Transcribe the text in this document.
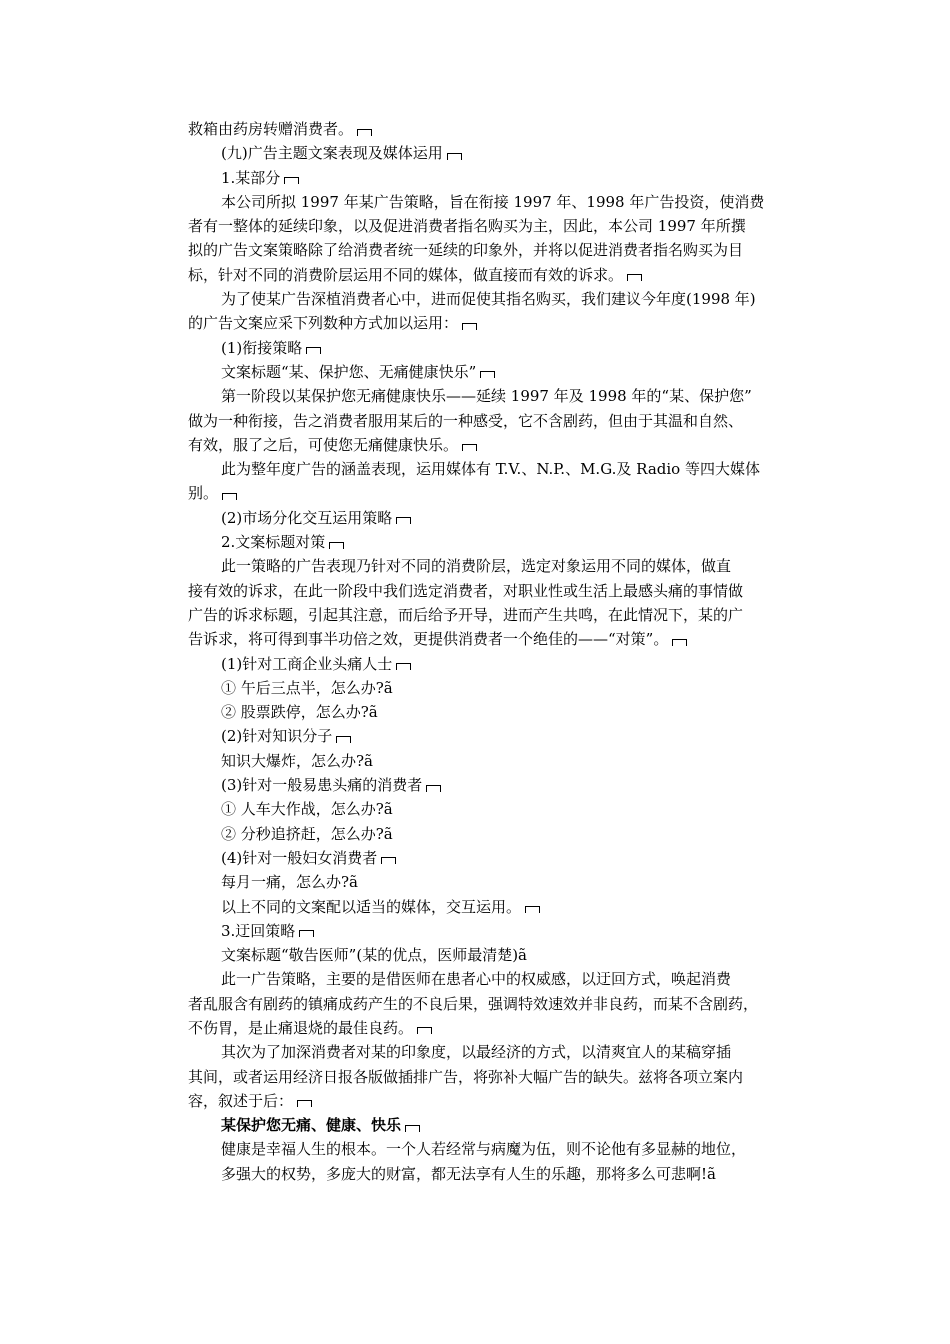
救箱由药房转赠消费者。
(九)广告主题文案表现及媒体运用
1.某部分
本公司所拟 1997 年某广告策略，旨在衔接 1997 年、1998 年广告投资，使消费
者有一整体的延续印象，以及促进消费者指名购买为主，因此，本公司 1997 年所撰
拟的广告文案策略除了给消费者统一延续的印象外，并将以促进消费者指名购买为目
标，针对不同的消费阶层运用不同的媒体，做直接而有效的诉求。
为了使某广告深植消费者心中，进而促使其指名购买，我们建议今年度(1998 年)
的广告文案应采下列数种方式加以运用：
(1)衔接策略
文案标题“某、保护您、无痛健康快乐”
第一阶段以某保护您无痛健康快乐——延续 1997 年及 1998 年的“某、保护您”
做为一种衔接，告之消费者服用某后的一种感受，它不含剧药，但由于其温和自然、
有效，服了之后，可使您无痛健康快乐。
此为整年度广告的涵盖表现，运用媒体有 T.V.、N.P.、M.G.及 Radio 等四大媒体
别。
(2)市场分化交互运用策略
2.文案标题对策
此一策略的广告表现乃针对不同的消费阶层，选定对象运用不同的媒体，做直
接有效的诉求，在此一阶段中我们选定消费者，对职业性或生活上最感头痛的事情做
广告的诉求标题，引起其注意，而后给予开导，进而产生共鸣，在此情况下，某的广
告诉求，将可得到事半功倍之效，更提供消费者一个绝佳的——“对策”。
(1)针对工商企业头痛人士
① 午后三点半，怎么办?ã
② 股票跌停，怎么办?ã
(2)针对知识分子
知识大爆炸，怎么办?ã
(3)针对一般易患头痛的消费者
① 人车大作战，怎么办?ã
② 分秒追挤赶，怎么办?ã
(4)针对一般妇女消费者
每月一痛，怎么办?ã
以上不同的文案配以适当的媒体，交互运用。
3.迂回策略
文案标题“敬告医师”(某的优点，医师最清楚)ã
此一广告策略，主要的是借医师在患者心中的权威感，以迂回方式，唤起消费
者乱服含有剧药的镇痛成药产生的不良后果，强调特效速效并非良药，而某不含剧药，
不伤胃，是止痛退烧的最佳良药。
其次为了加深消费者对某的印象度，以最经济的方式，以清爽宜人的某稿穿插
其间，或者运用经济日报各版做插排广告，将弥补大幅广告的缺失。兹将各项立案内
容，叙述于后：
某保护您无痛、健康、快乐
健康是幸福人生的根本。一个人若经常与病魔为伍，则不论他有多显赫的地位，
多强大的权势，多庞大的财富，都无法享有人生的乐趣，那将多么可悲啊!ã
